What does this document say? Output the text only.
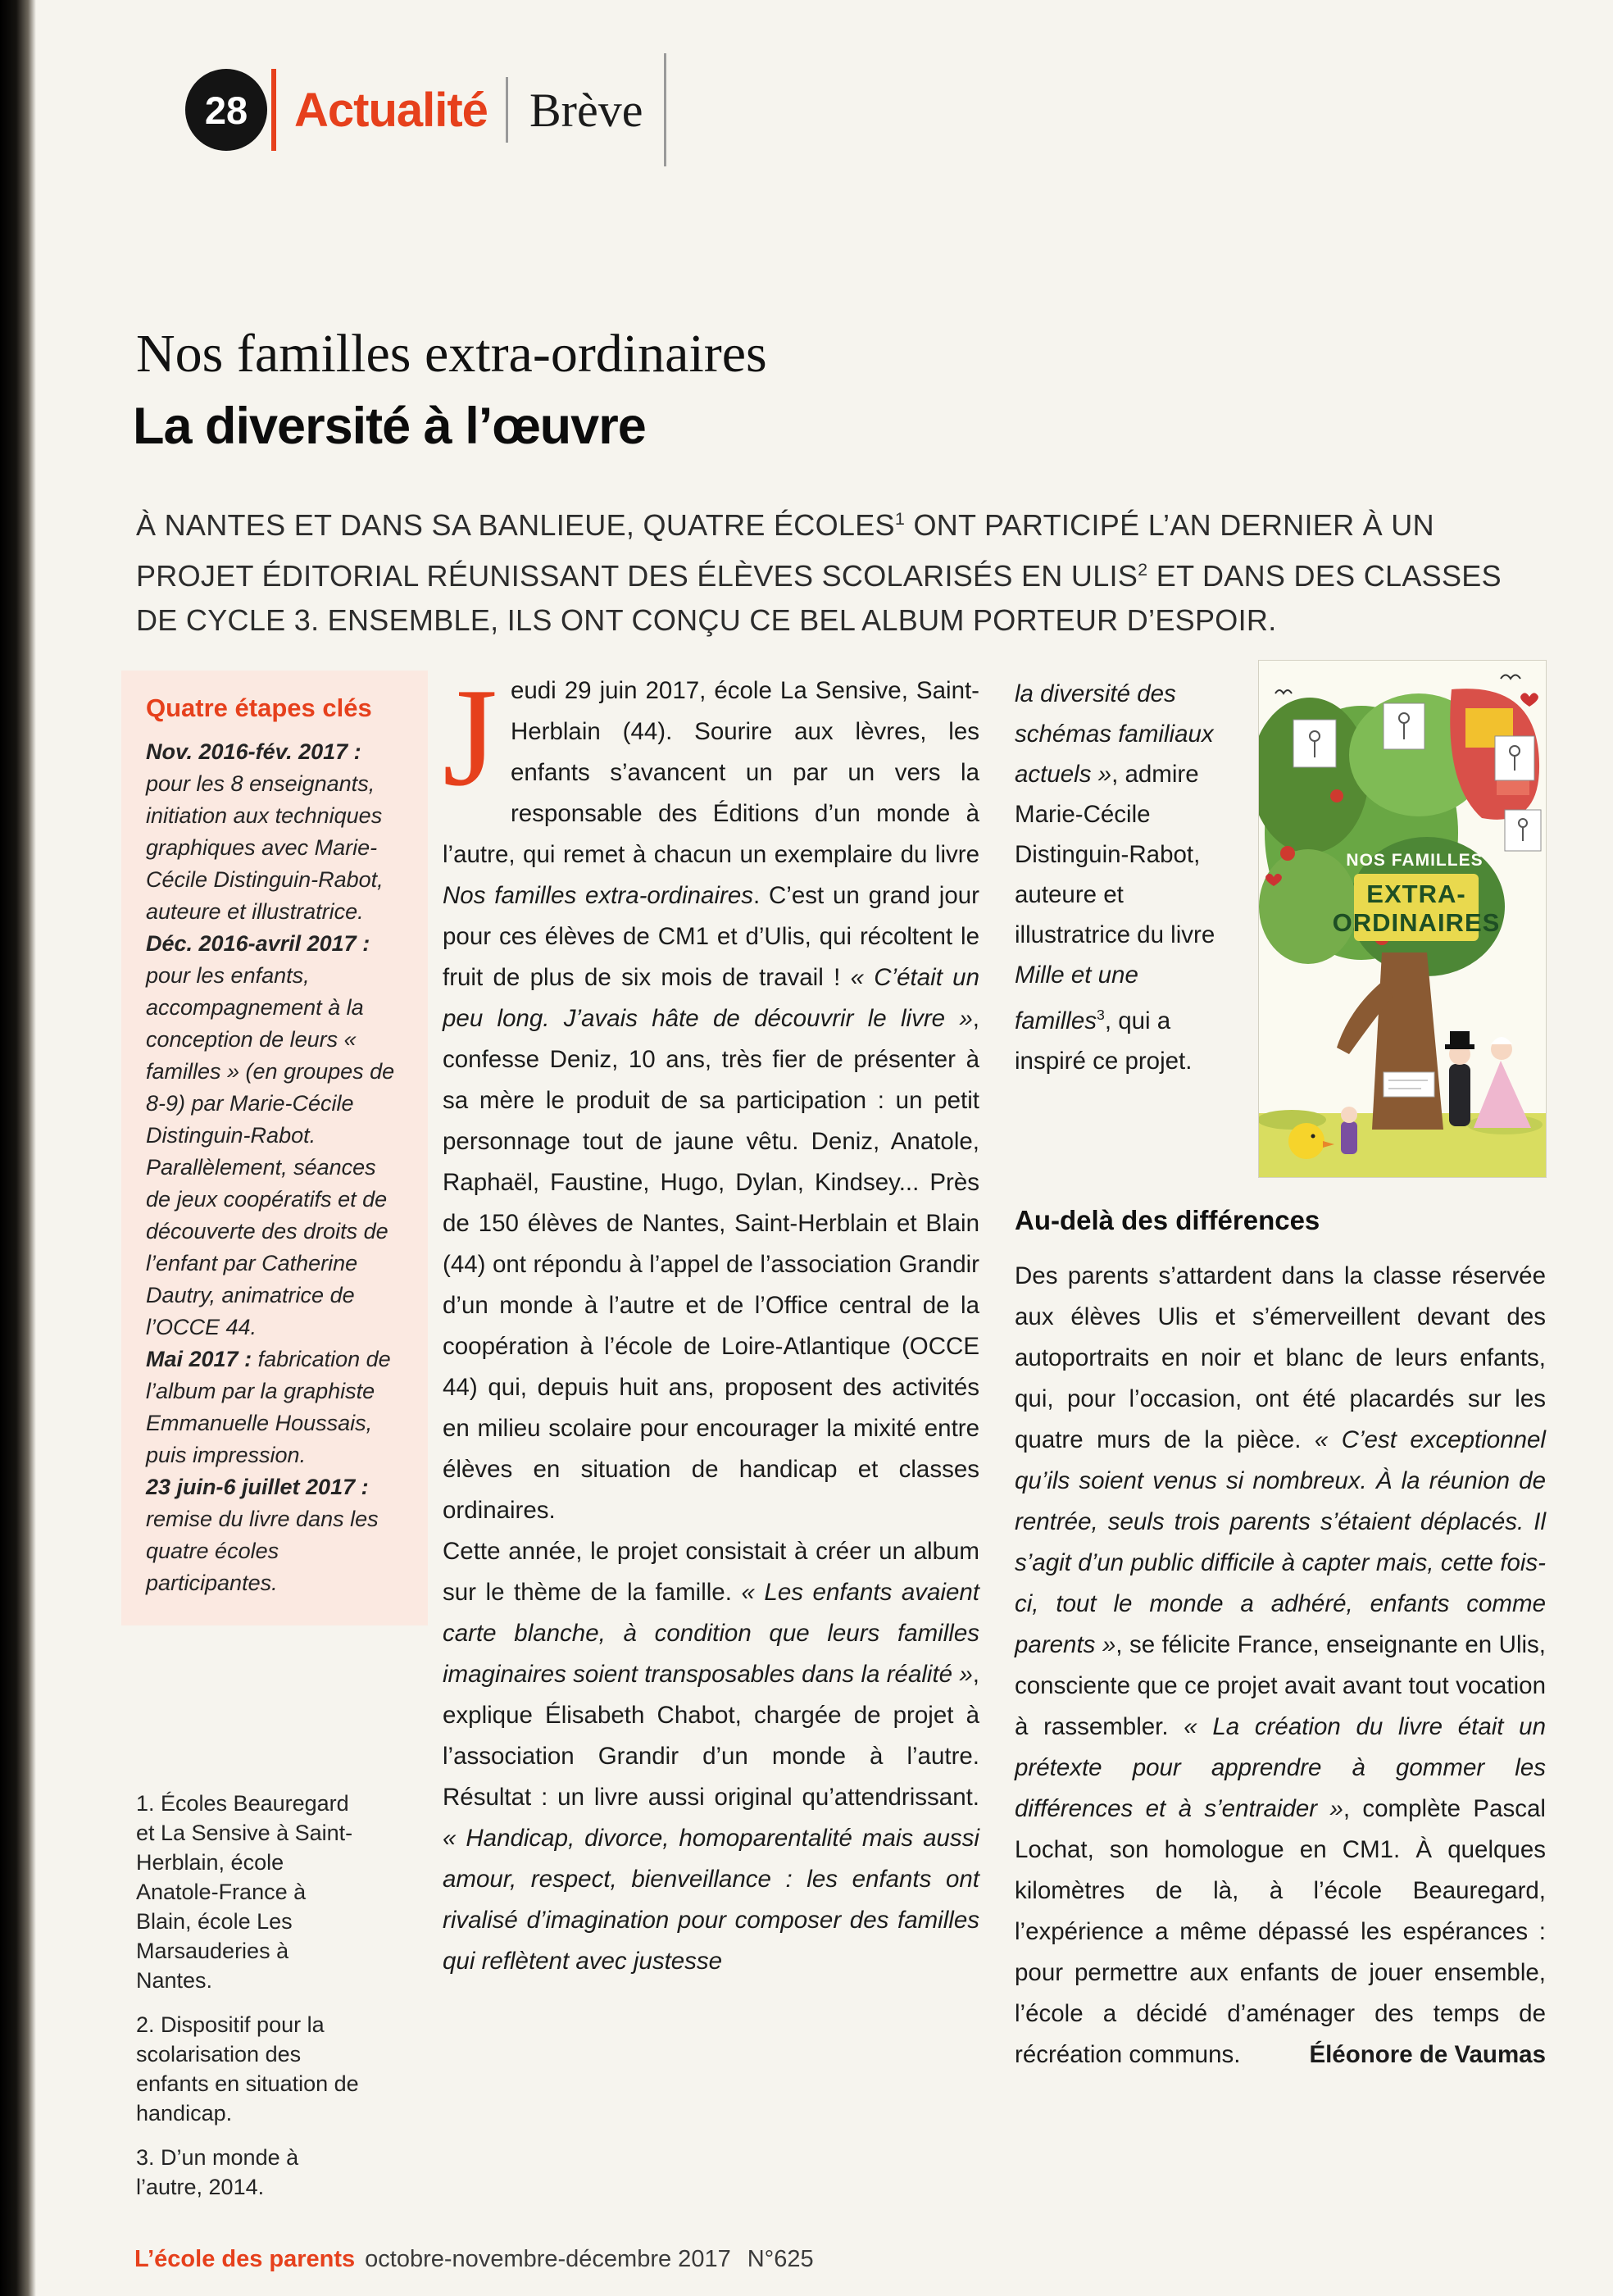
28 Actualité Brève
Nos familles extra-ordinaires
La diversité à l’œuvre

À NANTES ET DANS SA BANLIEUE, QUATRE ÉCOLES$^1$ ONT PARTICIPÉ L’AN DERNIER À UN PROJET ÉDITORIAL RÉUNISSANT DES ÉLÈVES SCOLARISÉS EN ULIS$^2$ ET DANS DES CLASSES DE CYCLE 3. ENSEMBLE, ILS ONT CONÇU CE BEL ALBUM PORTEUR D’ESPOIR.

Quatre étapes clés

Nov. 2016-fév. 2017 : pour les 8 enseignants, initiation aux techniques graphiques avec Marie-Cécile Distinguin-Rabot, auteure et illustratrice.

Déc. 2016-avril 2017 : pour les enfants, accompagnement à la conception de leurs « familles » (en groupes de 8-9) par Marie-Cécile Distinguin-Rabot. Parallèlement, séances de jeux coopératifs et de découverte des droits de l’enfant par Catherine Dautry, animatrice de l’OCCE 44.

Mai 2017 : fabrication de l’album par la graphiste Emmanuelle Houssais, puis impression.

23 juin-6 juillet 2017 : remise du livre dans les quatre écoles participantes.

1. Écoles Beauregard et La Sensive à Saint-Herblain, école Anatole-France à Blain, école Les Marsauderies à Nantes.

2. Dispositif pour la scolarisation des enfants en situation de handicap.

3. D’un monde à l’autre, 2014.

Jeudi 29 juin 2017, école La Sensive, Saint-Herblain (44). Sourire aux lèvres, les enfants s’avancent un par un vers la responsable des Éditions d’un monde à l’autre, qui remet à chacun un exemplaire du livre Nos familles extra-ordinaires. C’est un grand jour pour ces élèves de CM1 et d’Ulis, qui récoltent le fruit de plus de six mois de travail ! « C’était un peu long. J’avais hâte de découvrir le livre », confesse Deniz, 10 ans, très fier de présenter à sa mère le produit de sa participation : un petit personnage tout de jaune vêtu. Deniz, Anatole, Raphaël, Faustine, Hugo, Dylan, Kindsey... Près de 150 élèves de Nantes, Saint-Herblain et Blain (44) ont répondu à l’appel de l’association Grandir d’un monde à l’autre et de l’Office central de la coopération à l’école de Loire-Atlantique (OCCE 44) qui, depuis huit ans, proposent des activités en milieu scolaire pour encourager la mixité entre élèves en situation de handicap et classes ordinaires.

Cette année, le projet consistait à créer un album sur le thème de la famille. « Les enfants avaient carte blanche, à condition que leurs familles imaginaires soient transposables dans la réalité », explique Élisabeth Chabot, chargée de projet à l’association Grandir d’un monde à l’autre. Résultat : un livre aussi original qu’attendrissant. « Handicap, divorce, homoparentalité mais aussi amour, respect, bienveillance : les enfants ont rivalisé d’imagination pour composer des familles qui reflètent avec justesse

la diversité des schémas familiaux actuels », admire Marie-Cécile Distinguin-Rabot, auteure et illustratrice du livre Mille et une familles$^3$, qui a inspiré ce projet.
NOS FAMILLES
EXTRA-
ORDINAIRES
Au-delà des différences
Des parents s’attardent dans la classe réservée aux élèves Ulis et s’émerveillent devant des autoportraits en noir et blanc de leurs enfants, qui, pour l’occasion, ont été placardés sur les quatre murs de la pièce. « C’est exceptionnel qu’ils soient venus si nombreux. À la réunion de rentrée, seuls trois parents s’étaient déplacés. Il s’agit d’un public difficile à capter mais, cette fois-ci, tout le monde a adhéré, enfants comme parents », se félicite France, enseignante en Ulis, consciente que ce projet avait avant tout vocation à rassembler. « La création du livre était un prétexte pour apprendre à gommer les différences et à s’entraider », complète Pascal Lochat, son homologue en CM1. À quelques kilomètres de là, à l’école Beauregard, l’expérience a même dépassé les espérances : pour permettre aux enfants de jouer ensemble, l’école a décidé d’aménager des temps de récréation communs.	Éléonore de Vaumas
L’école des parents octobre-novembre-décembre 2017 N°625
